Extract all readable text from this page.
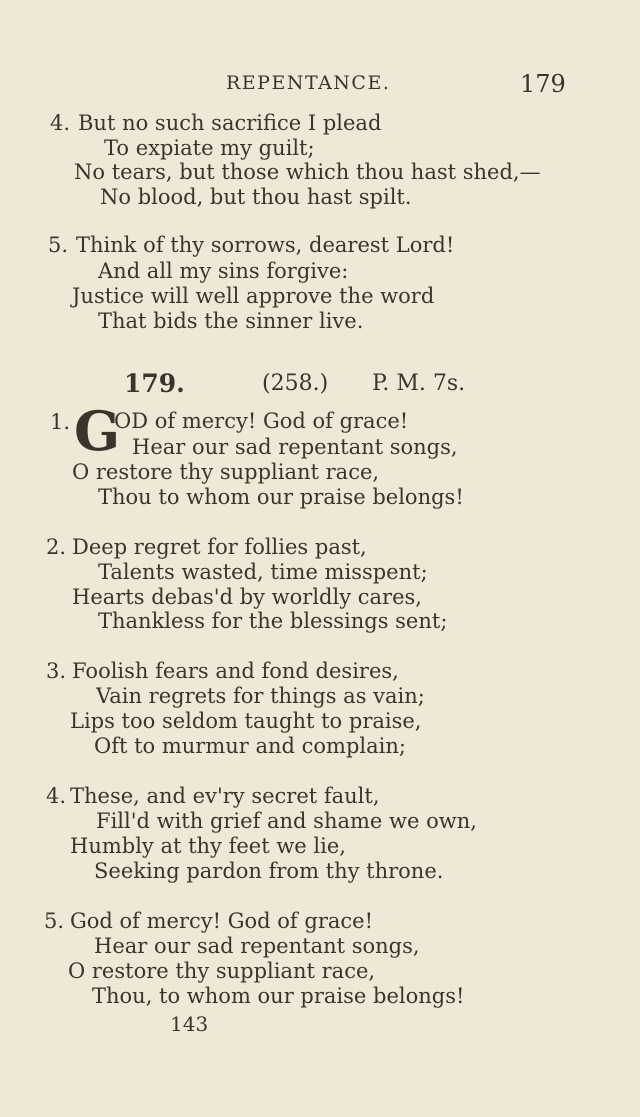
REPENTANCE.	179
4. But no such sacrifice I plead
To expiate my guilt;
No tears, but those which thou hast shed,—
No blood, but thou hast spilt.
5. Think of thy sorrows, dearest Lord!
And all my sins forgive:
Justice will well approve the word
That bids the sinner live.
179.	(258.) P. M. 7s.
1. G
OD of mercy! God of grace!
Hear our sad repentant songs,
O restore thy suppliant race,
Thou to whom our praise belongs!
2. Deep regret for follies past,
Talents wasted, time misspent;
Hearts debas'd by worldly cares,
Thankless for the blessings sent;
3. Foolish fears and fond desires,
Vain regrets for things as vain;
Lips too seldom taught to praise,
Oft to murmur and complain;
4. These, and ev'ry secret fault,
Fill'd with grief and shame we own,
Humbly at thy feet we lie,
Seeking pardon from thy throne.
5. God of mercy! God of grace!
Hear our sad repentant songs,
O restore thy suppliant race,
Thou, to whom our praise belongs!
143
